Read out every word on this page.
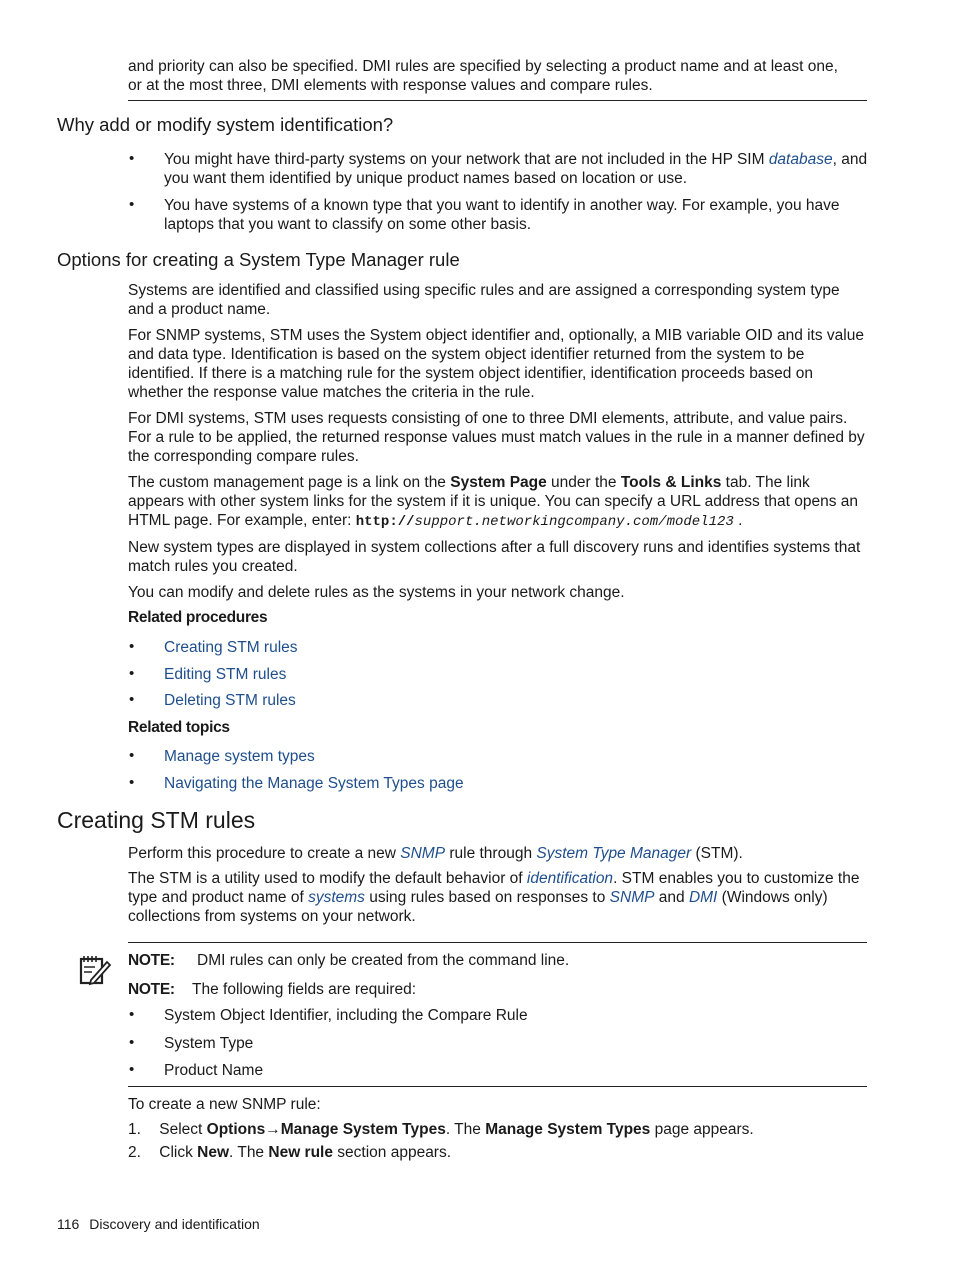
and priority can also be specified. DMI rules are specified by selecting a product name and at least one,
or at the most three, DMI elements with response values and compare rules.
Why add or modify system identification?
• You might have third-party systems on your network that are not included in the HP SIM database, and you want them identified by unique product names based on location or use.
• You have systems of a known type that you want to identify in another way. For example, you have laptops that you want to classify on some other basis.
Options for creating a System Type Manager rule
Systems are identified and classified using specific rules and are assigned a corresponding system type and a product name.
For SNMP systems, STM uses the System object identifier and, optionally, a MIB variable OID and its value and data type. Identification is based on the system object identifier returned from the system to be identified. If there is a matching rule for the system object identifier, identification proceeds based on whether the response value matches the criteria in the rule.
For DMI systems, STM uses requests consisting of one to three DMI elements, attribute, and value pairs. For a rule to be applied, the returned response values must match values in the rule in a manner defined by the corresponding compare rules.
The custom management page is a link on the System Page under the Tools & Links tab. The link appears with other system links for the system if it is unique. You can specify a URL address that opens an HTML page. For example, enter: http://support.networkingcompany.com/model123 .
New system types are displayed in system collections after a full discovery runs and identifies systems that match rules you created.
You can modify and delete rules as the systems in your network change.
Related procedures
• Creating STM rules
• Editing STM rules
• Deleting STM rules
Related topics
• Manage system types
• Navigating the Manage System Types page
Creating STM rules
Perform this procedure to create a new SNMP rule through System Type Manager (STM).
The STM is a utility used to modify the default behavior of identification. STM enables you to customize the type and product name of systems using rules based on responses to SNMP and DMI (Windows only) collections from systems on your network.
NOTE: DMI rules can only be created from the command line.
NOTE: The following fields are required:
• System Object Identifier, including the Compare Rule
• System Type
• Product Name
To create a new SNMP rule:
1. Select Options→Manage System Types. The Manage System Types page appears.
2. Click New. The New rule section appears.
116 Discovery and identification
